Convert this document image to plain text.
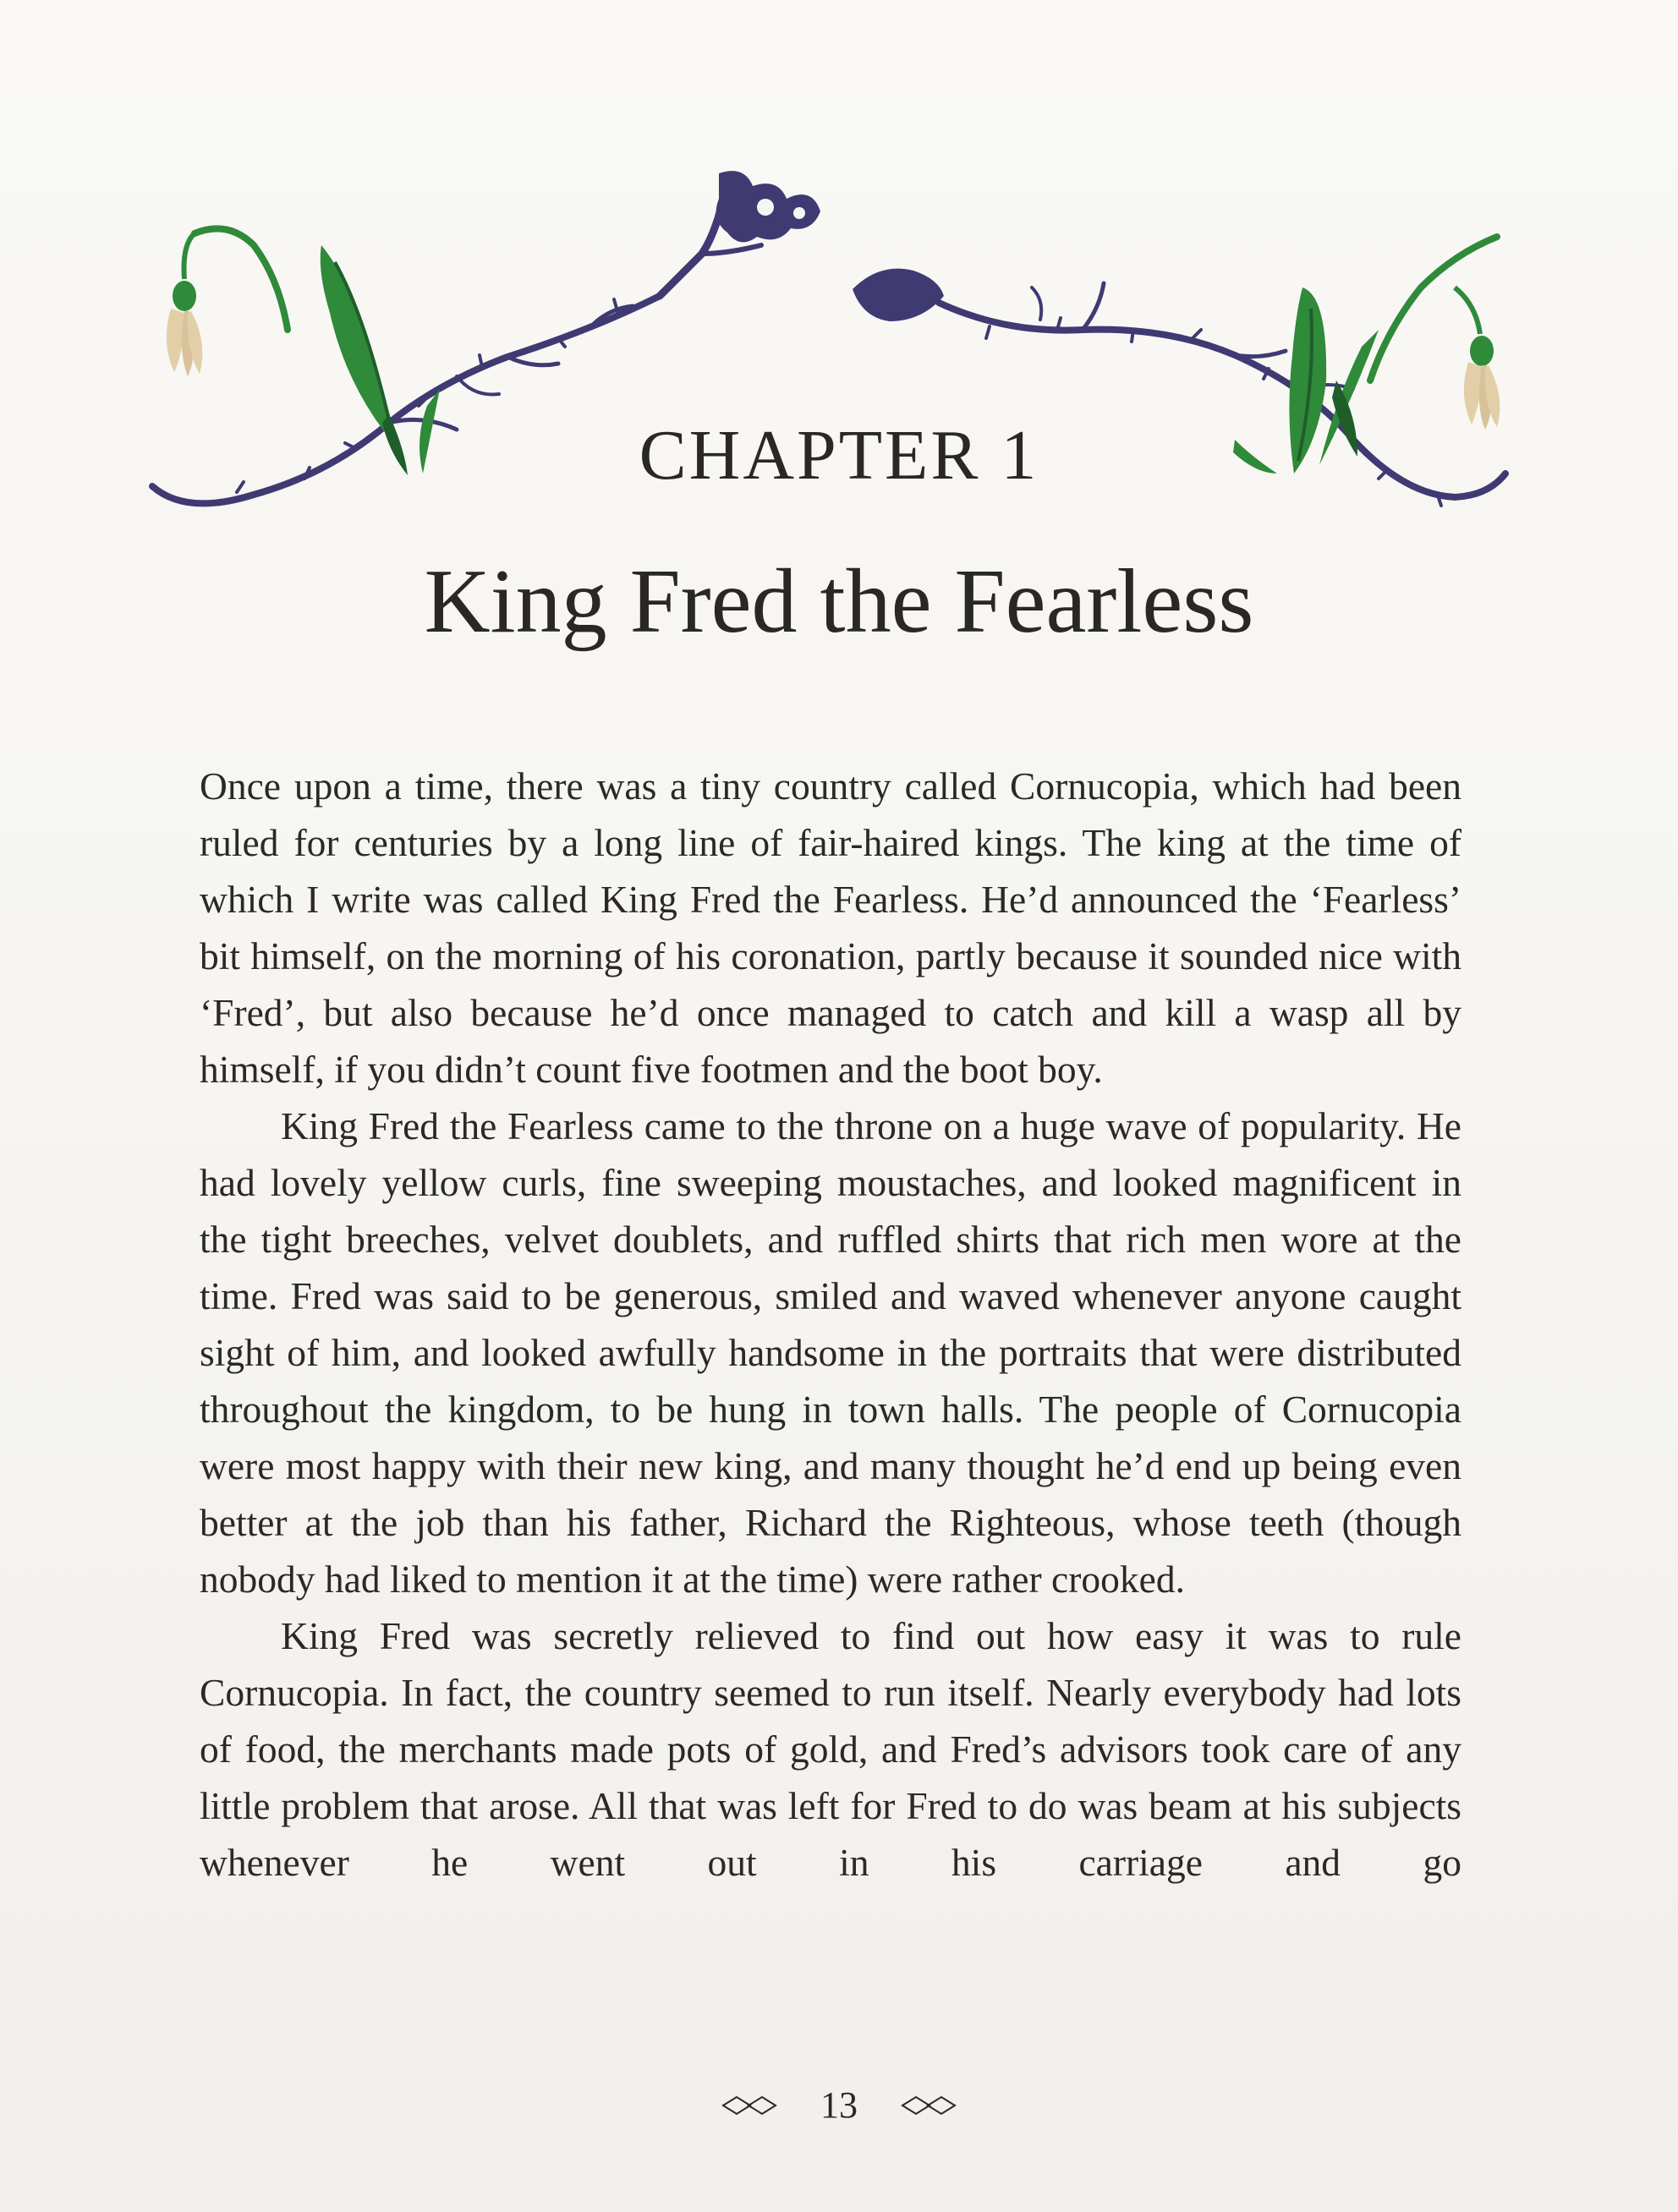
CHAPTER 1
King Fred the Fearless

Once upon a time, there was a tiny country called Cornucopia, which had been ruled for centuries by a long line of fair-haired kings. The king at the time of which I write was called King Fred the Fearless. He’d announced the ‘Fearless’ bit himself, on the morning of his coronation, partly because it sounded nice with ‘Fred’, but also because he’d once managed to catch and kill a wasp all by himself, if you didn’t count five footmen and the boot boy.

King Fred the Fearless came to the throne on a huge wave of popularity. He had lovely yellow curls, fine sweeping moustaches, and looked magnificent in the tight breeches, velvet doublets, and ruffled shirts that rich men wore at the time. Fred was said to be generous, smiled and waved whenever anyone caught sight of him, and looked awfully handsome in the portraits that were distributed throughout the kingdom, to be hung in town halls. The people of Cornucopia were most happy with their new king, and many thought he’d end up being even better at the job than his father, Richard the Righteous, whose teeth (though nobody had liked to mention it at the time) were rather crooked.

King Fred was secretly relieved to find out how easy it was to rule Cornucopia. In fact, the country seemed to run itself. Nearly everybody had lots of food, the merchants made pots of gold, and Fred’s advisors took care of any little problem that arose. All that was left for Fred to do was beam at his subjects whenever he went out in his carriage and go

13
